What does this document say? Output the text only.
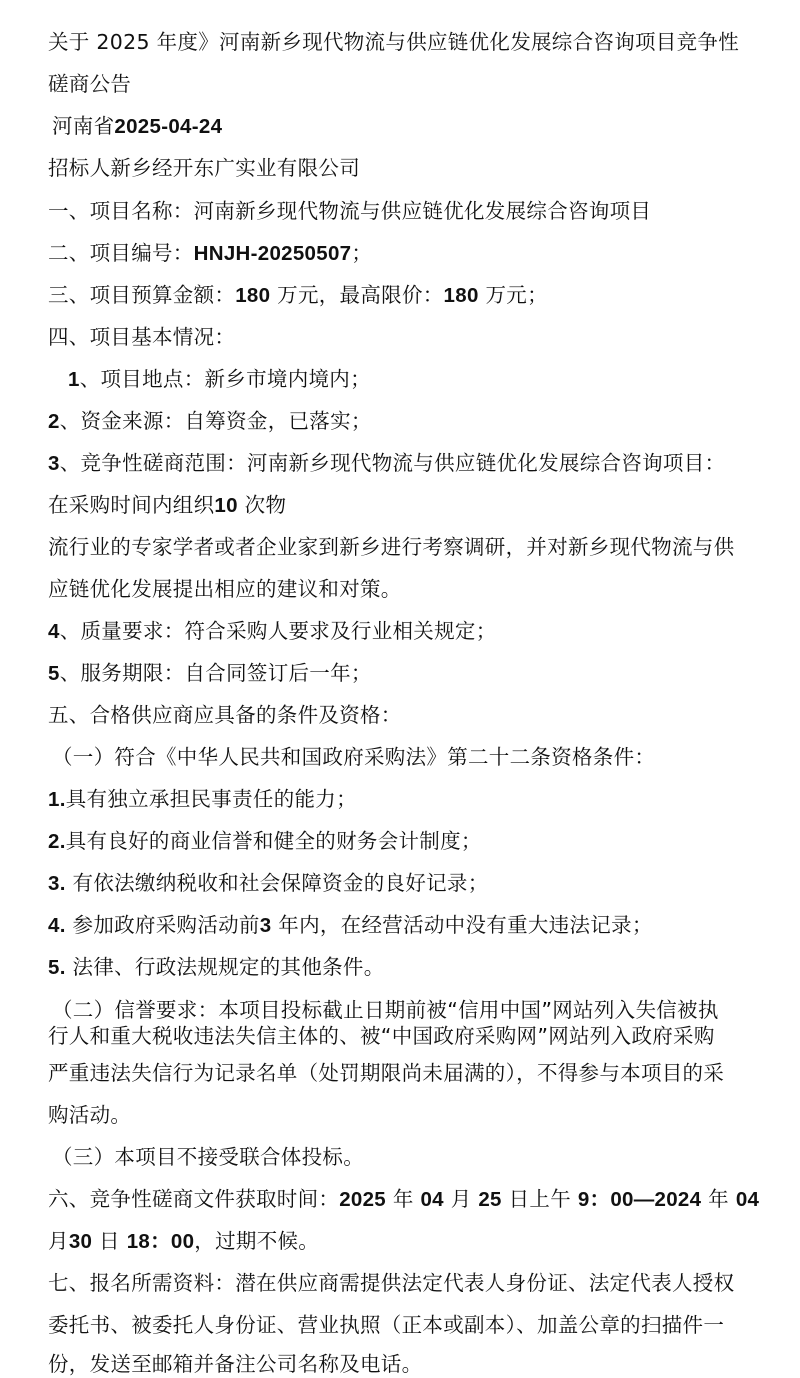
关于 2025 年度》河南新乡现代物流与供应链优化发展综合咨询项目竞争性
磋商公告
河南省2025-04-24
招标人新乡经开东广实业有限公司
一、项目名称：河南新乡现代物流与供应链优化发展综合咨询项目
二、项目编号：HNJH-20250507；
三、项目预算金额：180 万元，最高限价：180 万元；
四、项目基本情况：
1、项目地点：新乡市境内境内；
2、资金来源：自筹资金，已落实；
3、竞争性磋商范围：河南新乡现代物流与供应链优化发展综合咨询项目：
在采购时间内组织10 次物
流行业的专家学者或者企业家到新乡进行考察调研，并对新乡现代物流与供
应链优化发展提出相应的建议和对策。
4、质量要求：符合采购人要求及行业相关规定；
5、服务期限：自合同签订后一年；
五、合格供应商应具备的条件及资格：
（一）符合《中华人民共和国政府采购法》第二十二条资格条件：
1.具有独立承担民事责任的能力；
2.具有良好的商业信誉和健全的财务会计制度；
3. 有依法缴纳税收和社会保障资金的良好记录；
4. 参加政府采购活动前3 年内，在经营活动中没有重大违法记录；
5. 法律、行政法规规定的其他条件。
（二）信誉要求：本项目投标截止日期前被“信用中国”网站列入失信被执
行人和重大税收违法失信主体的、被“中国政府采购网”网站列入政府采购
严重违法失信行为记录名单（处罚期限尚未届满的），不得参与本项目的采
购活动。
（三）本项目不接受联合体投标。
六、竞争性磋商文件获取时间：2025 年 04 月 25 日上午 9：00—2024 年 04
月30 日 18：00，过期不候。
七、报名所需资料：潜在供应商需提供法定代表人身份证、法定代表人授权
委托书、被委托人身份证、营业执照（正本或副本）、加盖公章的扫描件一
份，发送至邮箱并备注公司名称及电话。
